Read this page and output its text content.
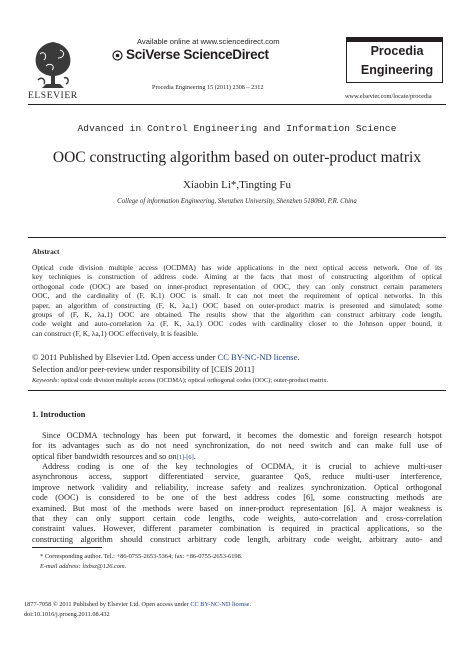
ELSEVIER
Available online at www.sciencedirect.com
SciVerse ScienceDirect
Procedia Engineering 15 (2011) 2308 – 2312
Procedia
Engineering
www.elsevier.com/locate/procedia
Advanced in Control Engineering and Information Science
OOC constructing algorithm based on outer-product matrix
Xiaobin Li*,Tingting Fu
College of information Engineering, Shenzhen University, Shenzhen 518060, P.R. China
Abstract
Optical code division multiple access (OCDMA) has wide applications in the next optical access network. One of its
key techniques is construction of address code. Aiming at the facts that most of constructing algorithm of optical
orthogonal code (OOC) are based on inner-product representation of OOC, they can only construct certain parameters
OOC, and the cardinality of (F, K,1) OOC is small. It can not meet the requirement of optical networks. In this
paper, an algorithm of constructing (F, K, λa,1) OOC based on outer-product matrix is presented and simulated; some
groups of (F, K, λa,1) OOC are obtained. The results show that the algorithm can construct arbitrary code length,
code weight and auto-correlation λa (F, K, λa,1) OOC codes with cardinality closer to the Johnson upper bound, it
can construct (F, K, λa,1) OOC effectively. It is feasible.
© 2011 Published by Elsevier Ltd. Open access under CC BY-NC-ND license.
Selection and/or peer-review under responsibility of [CEIS 2011]
Keywords: optical code division multiple access (OCDMA); optical orthogonal codes (OOC); outer-product matrix.
1. Introduction
Since OCDMA technology has been put forward, it becomes the domestic and foreign research hotspot
for its advantages such as do not need synchronization, do not need switch and can make full use of
optical fiber bandwidth resources and so on[1]-[6].
Address coding is one of the key technologies of OCDMA, it is crucial to achieve multi-user
asynchronous access, support differentiated service, guarantee QoS, reduce multi-user interference,
improve network validity and reliability, increase safety and realizes synchronization. Optical orthogonal
code (OOC) is considered to be one of the best address codes [6], some constructing methods are
examined. But most of the methods were based on inner-product representation [6]. A major weakness is
that they can only support certain code lengths, code weights, auto-correlation and cross-correlation
constraint values. However, different parameter combination is required in practical applications, so the
constructing algorithm should construct arbitrary code length, arbitrary code weight, arbitrary auto- and
* Corresponding author. Tel.: +86-0755-2653-5364; fax: +86-0755-2653-6198.
E-mail address: lixbsz@126.com.
1877-7058 © 2011 Published by Elsevier Ltd. Open access under CC BY-NC-ND license.
doi:10.1016/j.proeng.2011.08.432
